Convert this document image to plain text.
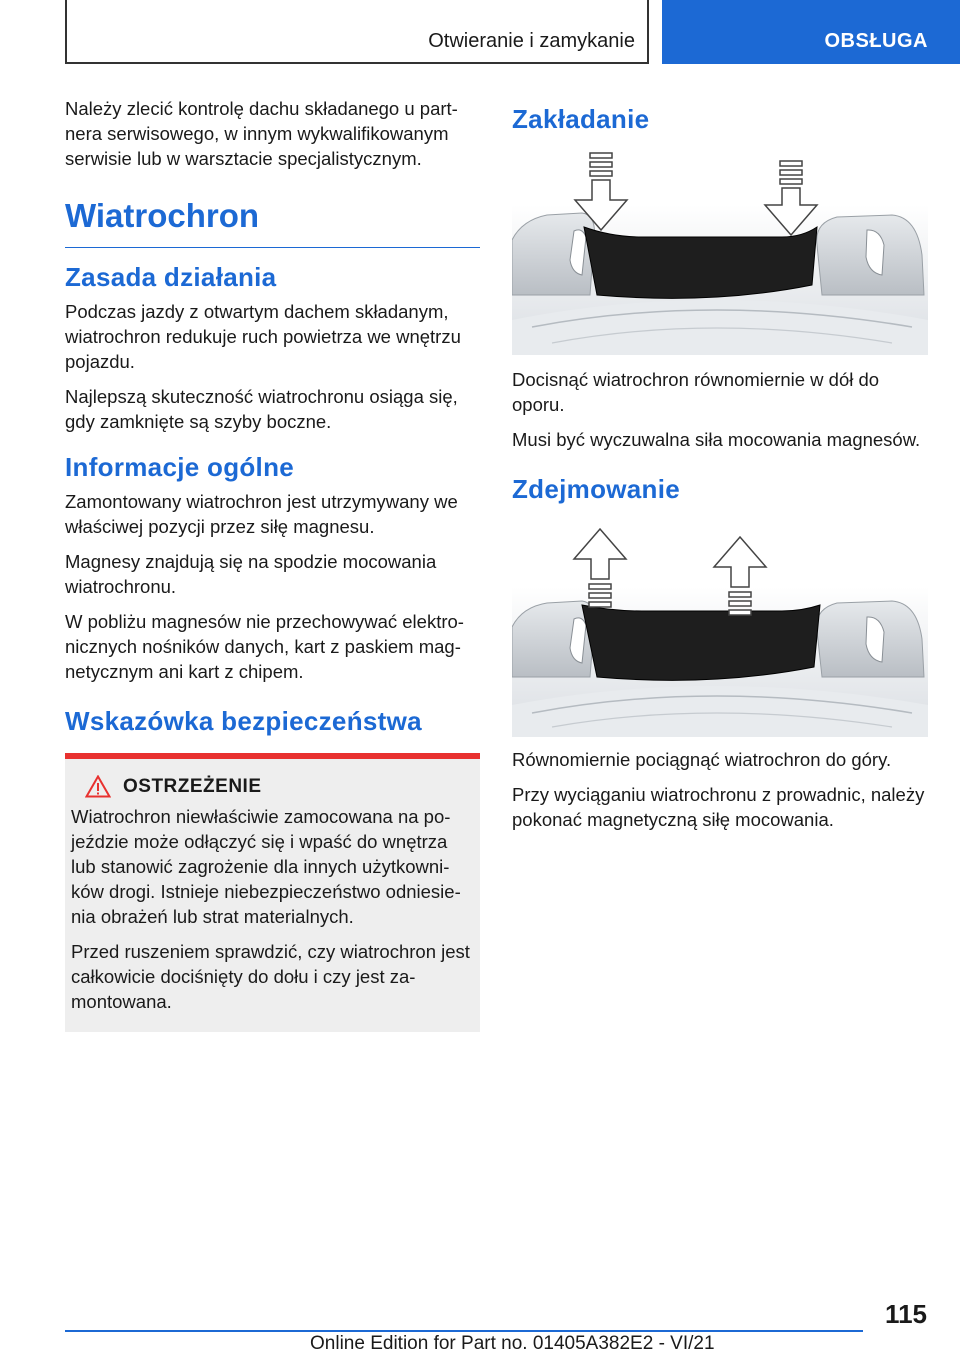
Otwieranie i zamykanie	OBSŁUGA

Należy zlecić kontrolę dachu składanego u partnera serwisowego, w innym wykwalifikowanym serwisie lub w warsztacie specjalistycznym.

Wiatrochron
Zasada działania

Podczas jazdy z otwartym dachem składanym, wiatrochron redukuje ruch powietrza we wnętrzu pojazdu.

Najlepszą skuteczność wiatrochronu osiąga się, gdy zamknięte są szyby boczne.

Informacje ogólne

Zamontowany wiatrochron jest utrzymywany we właściwej pozycji przez siłę magnesu.

Magnesy znajdują się na spodzie mocowania wiatrochronu.

W pobliżu magnesów nie przechowywać elektronicznych nośników danych, kart z paskiem magnetycznym ani kart z chipem.

Wskazówka bezpieczeństwa
OSTRZEŻENIE

Wiatrochron niewłaściwie zamocowana na pojeździe może odłączyć się i wpaść do wnętrza lub stanowić zagrożenie dla innych użytkowników drogi. Istnieje niebezpieczeństwo odniesienia obrażeń lub strat materialnych.

Przed ruszeniem sprawdzić, czy wiatrochron jest całkowicie dociśnięty do dołu i czy jest zamontowana.

Zakładanie

Docisnąć wiatrochron równomiernie w dół do oporu.

Musi być wyczuwalna siła mocowania magnesów.

Zdejmowanie

Równomiernie pociągnąć wiatrochron do góry.

Przy wyciąganiu wiatrochronu z prowadnic, należy pokonać magnetyczną siłę mocowania.

115
Online Edition for Part no. 01405A382E2 - VI/21
